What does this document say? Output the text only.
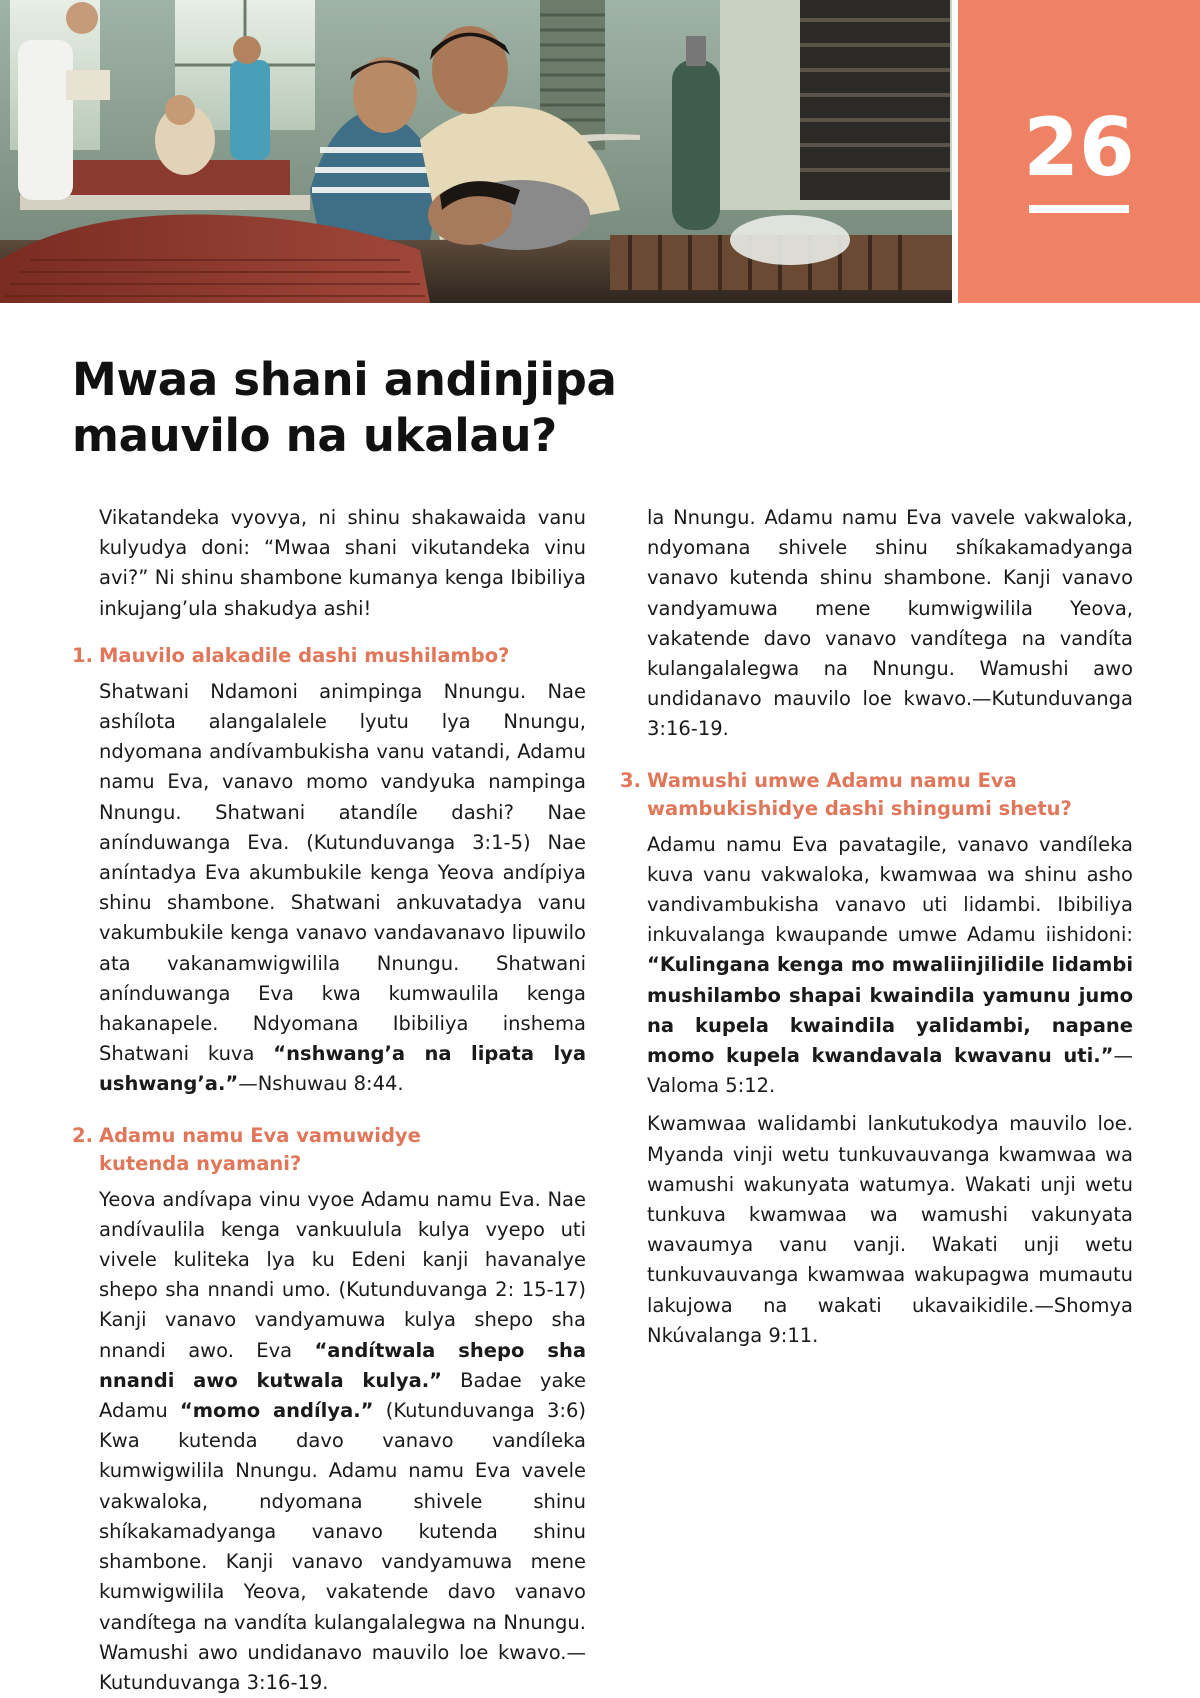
26
Mwaa shani andinjipa
mauvilo na ukalau?

Vikatandeka vyovya, ni shinu shakawaida vanu kulyudya doni: “Mwaa shani vikutandeka vinu avi?” Ni shinu shambone kumanya kenga Ibibiliya inkujang’ula shakudya ashi!

1. Mauvilo alakadile dashi mushilambo?

Shatwani Ndamoni animpinga Nnungu. Nae ashílota alangalalele lyutu lya Nnungu, ndyomana andívambukisha vanu vatandi, Adamu namu Eva, vanavo momo vandyuka nampinga Nnungu. Shatwani atandíle dashi? Nae anínduwanga Eva. (Kutunduvanga 3:1-5) Nae aníntadya Eva akumbukile kenga Yeova andípiya shinu shambone. Shatwani ankuvatadya vanu vakumbukile kenga vanavo vandavanavo lipuwilo ata vakanamwigwilila Nnungu. Shatwani anínduwanga Eva kwa kumwaulila kenga hakanapele. Ndyomana Ibibiliya inshema Shatwani kuva “nshwang’a na lipata lya ushwang’a.”—Nshuwau 8:44.

2. Adamu namu Eva vamuwidye
kutenda nyamani?

Yeova andívapa vinu vyoe Adamu namu Eva. Nae andívaulila kenga vankuulula kulya vyepo uti vivele kuliteka lya ku Edeni kanji havanalye shepo sha nnandi umo. (Kutunduvanga 2: 15-17) Kanji vanavo vandyamuwa kulya shepo sha nnandi awo. Eva “andítwala shepo sha nnandi awo kutwala kulya.” Badae yake Adamu “momo andílya.” (Kutunduvanga 3:6) Kwa kutenda davo vanavo vandíleka kumwigwilila Nnungu. Adamu namu Eva vavele vakwaloka, ndyomana shivele shinu shíkakamadyanga vanavo kutenda shinu shambone. Kanji vanavo vandyamuwa mene kumwigwilila Yeova, vakatende davo vanavo vandítega na vandíta kulangalalegwa na Nnungu. Wamushi awo undidanavo mauvilo loe kwavo.—Kutunduvanga 3:16-19.

la Nnungu. Adamu namu Eva vavele vakwaloka, ndyomana shivele shinu shíkakamadyanga vanavo kutenda shinu shambone. Kanji vanavo vandyamuwa mene kumwigwilila Yeova, vakatende davo vanavo vandítega na vandíta kulangalalegwa na Nnungu. Wamushi awo undidanavo mauvilo loe kwavo.—Kutunduvanga 3:16-19.

3. Wamushi umwe Adamu namu Eva
wambukishidye dashi shingumi shetu?

Adamu namu Eva pavatagile, vanavo vandíleka kuva vanu vakwaloka, kwamwaa wa shinu asho vandivambukisha vanavo uti lidambi. Ibibiliya inkuvalanga kwaupande umwe Adamu iishidoni: “Kulingana kenga mo mwaliinjilidile lidambi mushilambo shapai kwaindila yamunu jumo na kupela kwaindila yalidambi, napane momo kupela kwandavala kwavanu uti.”—Valoma 5:12.

Kwamwaa walidambi lankutukodya mauvilo loe. Myanda vinji wetu tunkuvauvanga kwamwaa wa wamushi wakunyata watumya. Wakati unji wetu tunkuva kwamwaa wa wamushi vakunyata wavaumya vanu vanji. Wakati unji wetu tunkuvauvanga kwamwaa wakupagwa mumautu lakujowa na wakati ukavaikidile.—Shomya Nkúvalanga 9:11.
